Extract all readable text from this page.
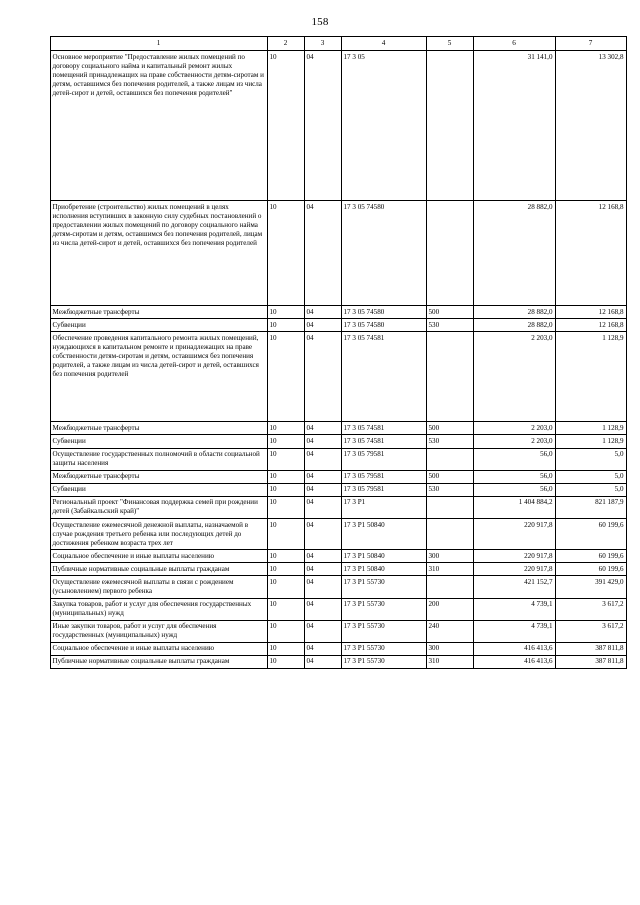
158
1	2	3	4	5	6	7
Основное мероприятие "Предоставление жилых помещений по договору социального найма и капитальный ремонт жилых помещений принадлежащих на праве собственности детям-сиротам и детям, оставшимся без попечения родителей, а также лицам из числа детей-сирот и детей, оставшихся без попечения родителей"	10	04	17 3 05		31 141,0	13 302,8
Приобретение (строительство) жилых помещений в целях исполнения вступивших в законную силу судебных постановлений о предоставлении жилых помещений по договору социального найма детям-сиротам и детям, оставшимся без попечения родителей, лицам из числа детей-сирот и детей, оставшихся без попечения родителей	10	04	17 3 05 74580		28 882,0	12 168,8
Межбюджетные трансферты	10	04	17 3 05 74580	500	28 882,0	12 168,8
Субвенции	10	04	17 3 05 74580	530	28 882,0	12 168,8
Обеспечение проведения капитального ремонта жилых помещений, нуждающихся в капитальном ремонте и принадлежащих на праве собственности детям-сиротам и детям, оставшимся без попечения родителей, а также лицам из числа детей-сирот и детей, оставшихся без попечения родителей	10	04	17 3 05 74581		2 203,0	1 128,9
Межбюджетные трансферты	10	04	17 3 05 74581	500	2 203,0	1 128,9
Субвенции	10	04	17 3 05 74581	530	2 203,0	1 128,9
Осуществление государственных полномочий в области социальной защиты населения	10	04	17 3 05 79581		56,0	5,0
Межбюджетные трансферты	10	04	17 3 05 79581	500	56,0	5,0
Субвенции	10	04	17 3 05 79581	530	56,0	5,0
Региональный проект "Финансовая поддержка семей при рождении детей (Забайкальский край)"	10	04	17 3 P1		1 404 884,2	821 187,9
Осуществление ежемесячной денежной выплаты, назначаемой в случае рождения третьего ребенка или последующих детей до достижения ребенком возраста трех лет	10	04	17 3 P1 50840		220 917,8	60 199,6
Социальное обеспечение и иные выплаты населению	10	04	17 3 P1 50840	300	220 917,8	60 199,6
Публичные нормативные социальные выплаты гражданам	10	04	17 3 P1 50840	310	220 917,8	60 199,6
Осуществление ежемесячной выплаты в связи с рождением (усыновлением) первого ребенка	10	04	17 3 P1 55730		421 152,7	391 429,0
Закупка товаров, работ и услуг для обеспечения государственных (муниципальных) нужд	10	04	17 3 P1 55730	200	4 739,1	3 617,2
Иные закупки товаров, работ и услуг для обеспечения государственных (муниципальных) нужд	10	04	17 3 P1 55730	240	4 739,1	3 617,2
Социальное обеспечение и иные выплаты населению	10	04	17 3 P1 55730	300	416 413,6	387 811,8
Публичные нормативные социальные выплаты гражданам	10	04	17 3 P1 55730	310	416 413,6	387 811,8
